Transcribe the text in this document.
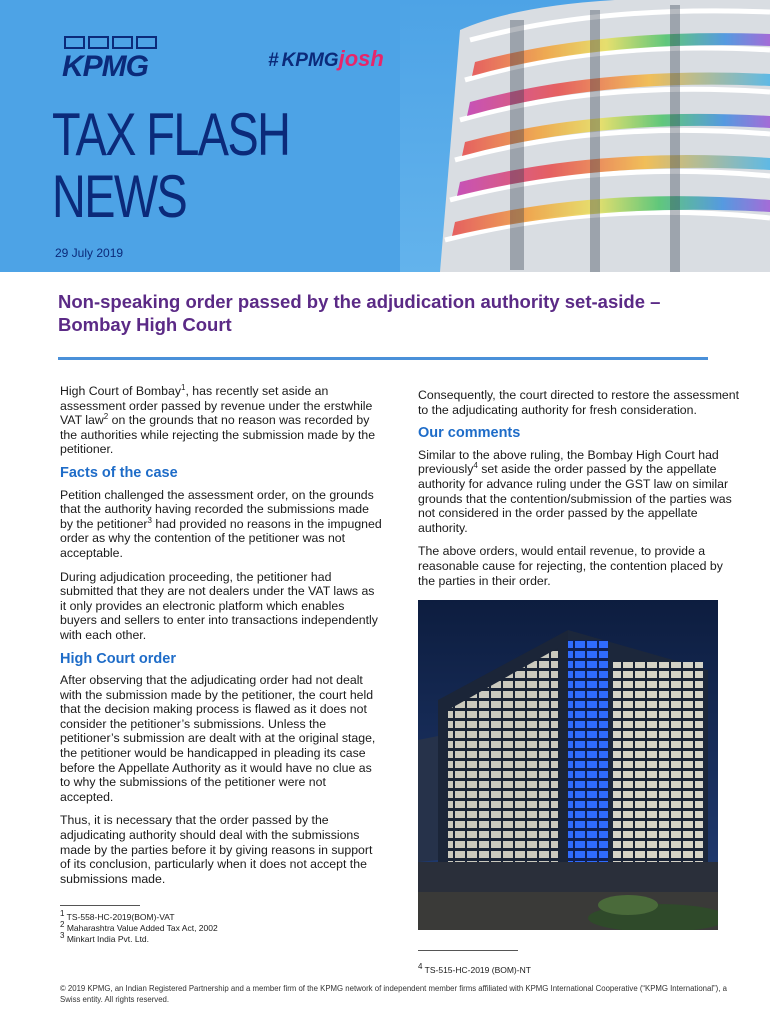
KPMG	# KPMGjosh
TAX FLASH
NEWS
29 July 2019
Non-speaking order passed by the adjudication authority set-aside – Bombay High Court

High Court of Bombay$^1$, has recently set aside an assessment order passed by revenue under the erstwhile VAT law$^2$ on the grounds that no reason was recorded by the authorities while rejecting the submission made by the petitioner.

Facts of the case

Petition challenged the assessment order, on the grounds that the authority having recorded the submissions made by the petitioner$^3$ had provided no reasons in the impugned order as why the contention of the petitioner was not acceptable.

During adjudication proceeding, the petitioner had submitted that they are not dealers under the VAT laws as it only provides an electronic platform which enables buyers and sellers to enter into transactions independently with each other.

High Court order

After observing that the adjudicating order had not dealt with the submission made by the petitioner, the court held that the decision making process is flawed as it does not consider the petitioner’s submissions. Unless the petitioner’s submission are dealt with at the original stage, the petitioner would be handicapped in pleading its case before the Appellate Authority as it would have no clue as to why the submissions of the petitioner were not accepted.

Thus, it is necessary that the order passed by the adjudicating authority should deal with the submissions made by the parties before it by giving reasons in support of its conclusion, particularly when it does not accept the submissions made.

Consequently, the court directed to restore the assessment to the adjudicating authority for fresh consideration.

Our comments

Similar to the above ruling, the Bombay High Court had previously$^4$ set aside the order passed by the appellate authority for advance ruling under the GST law on similar grounds that the contention/submission of the parties was not considered in the order passed by the appellate authority.

The above orders, would entail revenue, to provide a reasonable cause for rejecting, the contention placed by the parties in their order.

$^1$ TS-558-HC-2019(BOM)-VAT
$^2$ Maharashtra Value Added Tax Act, 2002
$^3$ Minkart India Pvt. Ltd.
$^4$ TS-515-HC-2019 (BOM)-NT
© 2019 KPMG, an Indian Registered Partnership and a member firm of the KPMG network of independent member firms affiliated with KPMG International Cooperative (“KPMG International”), a Swiss entity. All rights reserved.
